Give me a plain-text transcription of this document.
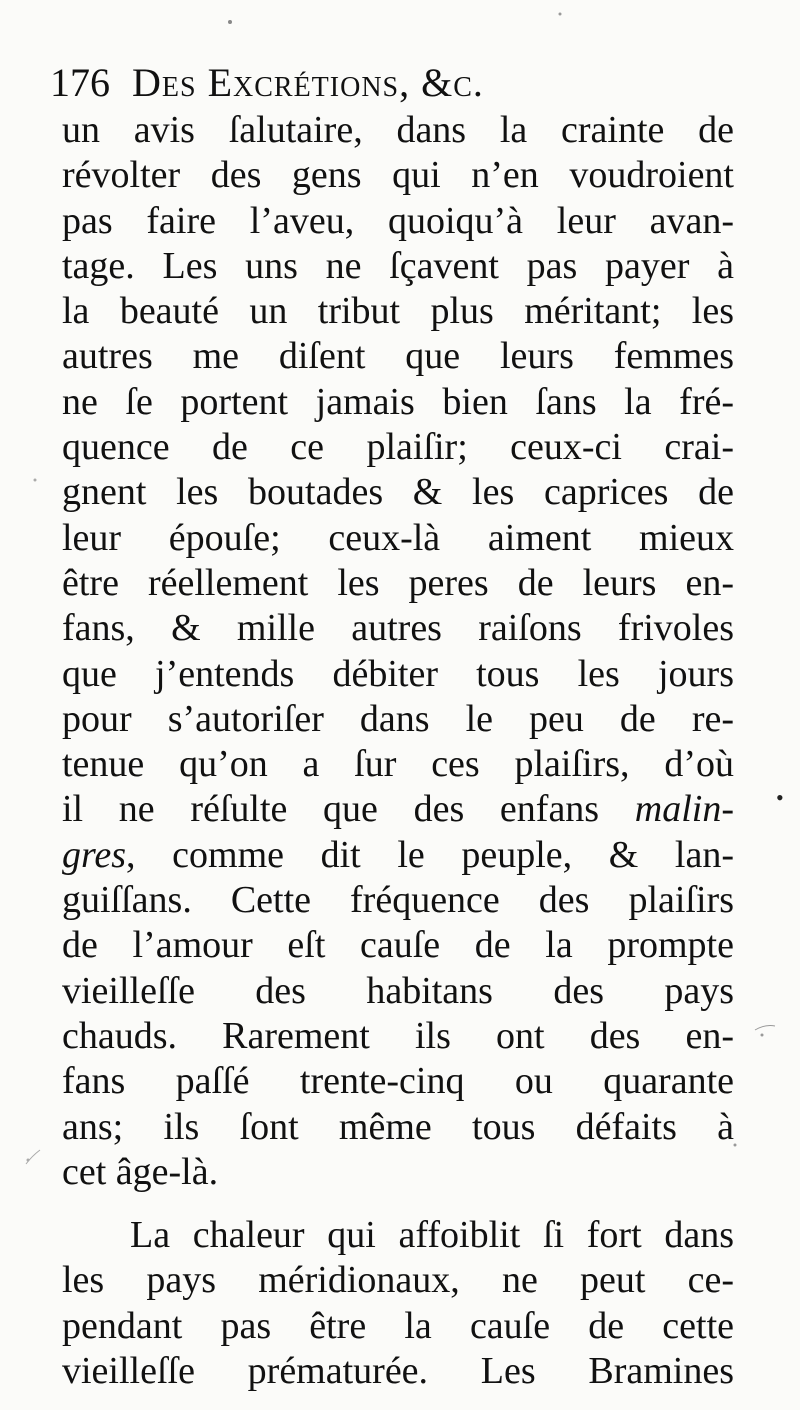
176 Des Excrétions, &c.
un avis ſalutaire, dans la crainte de
révolter des gens qui n’en voudroient
pas faire l’aveu, quoiqu’à leur avan-
tage. Les uns ne ſçavent pas payer à
la beauté un tribut plus méritant; les
autres me diſent que leurs femmes
ne ſe portent jamais bien ſans la fré-
quence de ce plaiſir; ceux-ci crai-
gnent les boutades & les caprices de
leur épouſe; ceux-là aiment mieux
être réellement les peres de leurs en-
fans, & mille autres raiſons frivoles
que j’entends débiter tous les jours
pour s’autoriſer dans le peu de re-
tenue qu’on a ſur ces plaiſirs, d’où
il ne réſulte que des enfans malin-
gres, comme dit le peuple, & lan-
guiſſans. Cette fréquence des plaiſirs
de l’amour eſt cauſe de la prompte
vieilleſſe des habitans des pays
chauds. Rarement ils ont des en-
fans paſſé trente-cinq ou quarante
ans; ils ſont même tous défaits à
cet âge-là.
La chaleur qui affoiblit ſi fort dans
les pays méridionaux, ne peut ce-
pendant pas être la cauſe de cette
vieilleſſe prématurée. Les Bramines
•
